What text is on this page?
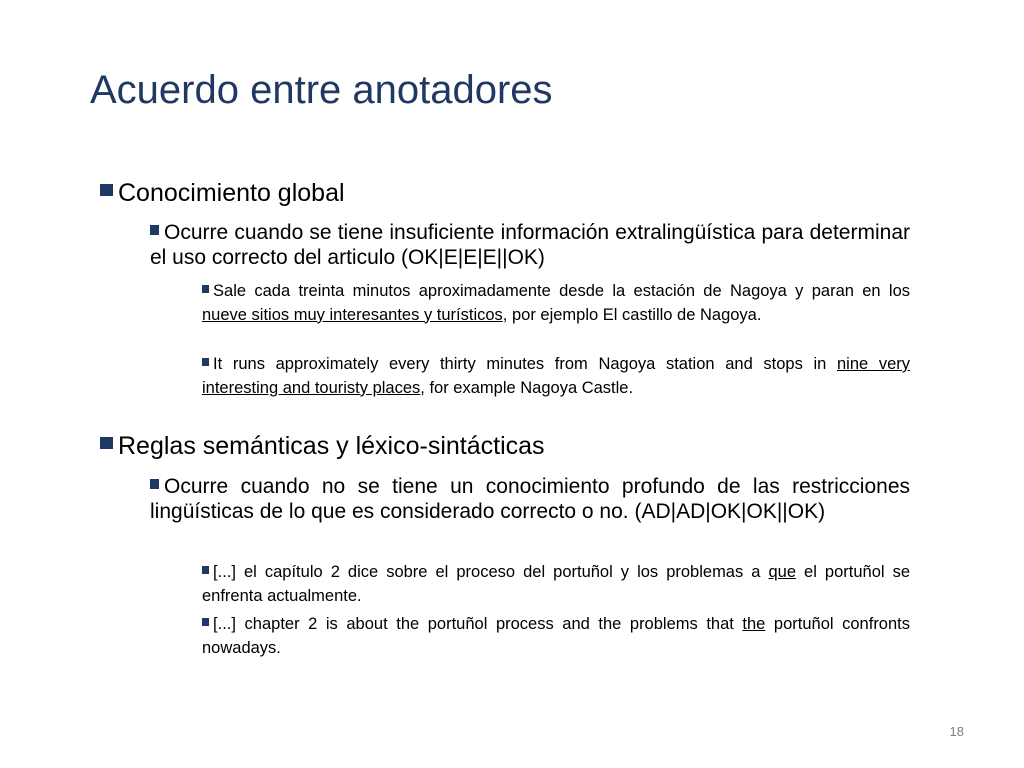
Acuerdo entre anotadores
Conocimiento global
Ocurre cuando se tiene insuficiente información extralingüística para determinar el uso correcto del articulo (OK|E|E|E||OK)
Sale cada treinta minutos aproximadamente desde la estación de Nagoya y paran en los nueve sitios muy interesantes y turísticos, por ejemplo El castillo de Nagoya.
It runs approximately every thirty minutes from Nagoya station and stops in nine very interesting and touristy places, for example Nagoya Castle.
Reglas semánticas y léxico-sintácticas
Ocurre cuando no se tiene un conocimiento profundo de las restricciones lingüísticas de lo que es considerado correcto o no. (AD|AD|OK|OK||OK)
[...] el capítulo 2 dice sobre el proceso del portuñol y los problemas a que el portuñol se enfrenta actualmente.
[...] chapter 2 is about the portuñol process and the problems that the portuñol confronts nowadays.
18
